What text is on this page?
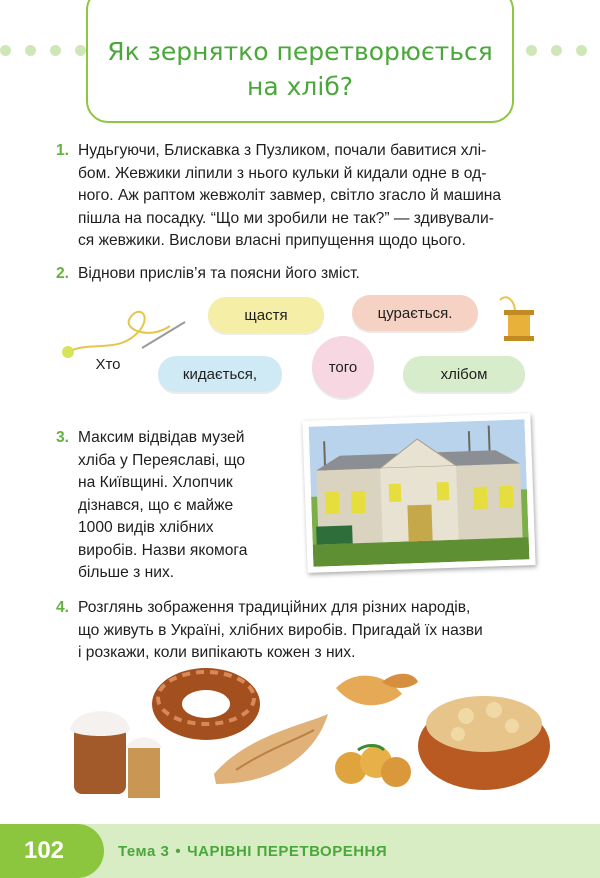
Як зернятко перетворюється
на хліб?
1. Нудьгуючи, Блискавка з Пузликом, почали бавитися хлі-
бом. Жевжики ліпили з нього кульки й кидали одне в од-
ного. Аж раптом жевжоліт завмер, світло згасло й машина
пішла на посадку. “Що ми зробили не так?” — здивували-
ся жевжики. Вислови власні припущення щодо цього.
2. Віднови прислів’я та поясни його зміст.
щастя	цурається.
Хто
кидається,	того	хлібом
3. Максим відвідав музей
хліба у Переяславі, що
на Київщині. Хлопчик
дізнався, що є майже
1000 видів хлібних
виробів. Назви якомога
більше з них.
4. Розглянь зображення традиційних для різних народів,
що живуть в Україні, хлібних виробів. Пригадай їх назви
і розкажи, коли випікають кожен з них.
102	Тема 3 • ЧАРІВНІ ПЕРЕТВОРЕННЯ
